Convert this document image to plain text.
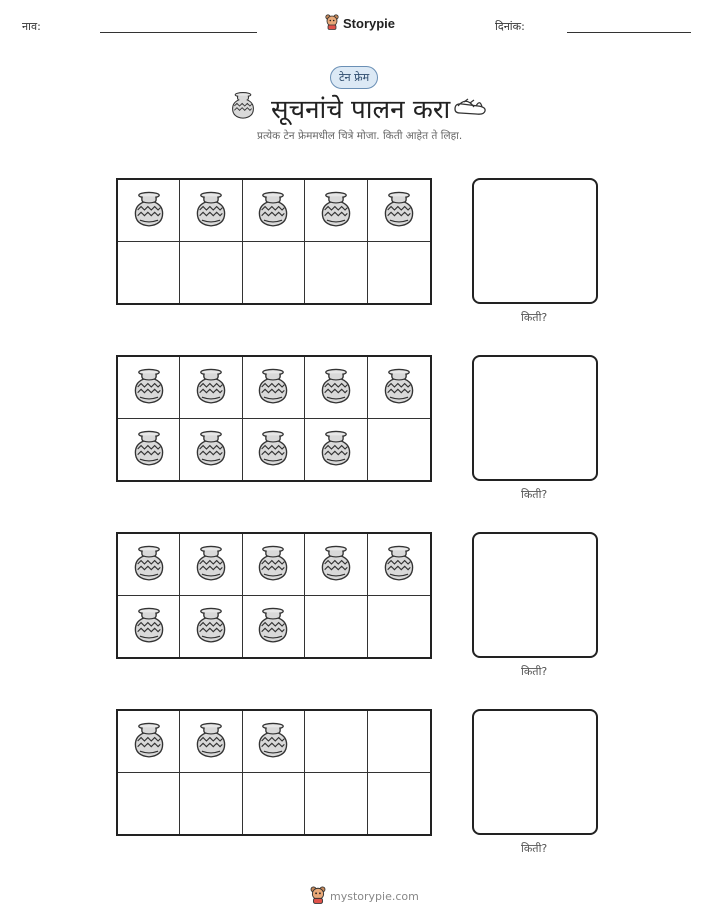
नाव:	Storypie	दिनांक:
टेन फ्रेम
सूचनांचे पालन करा
प्रत्येक टेन फ्रेममधील चित्रे मोजा. किती आहेत ते लिहा.
किती?
किती?
किती?
किती?
mystorypie.com
